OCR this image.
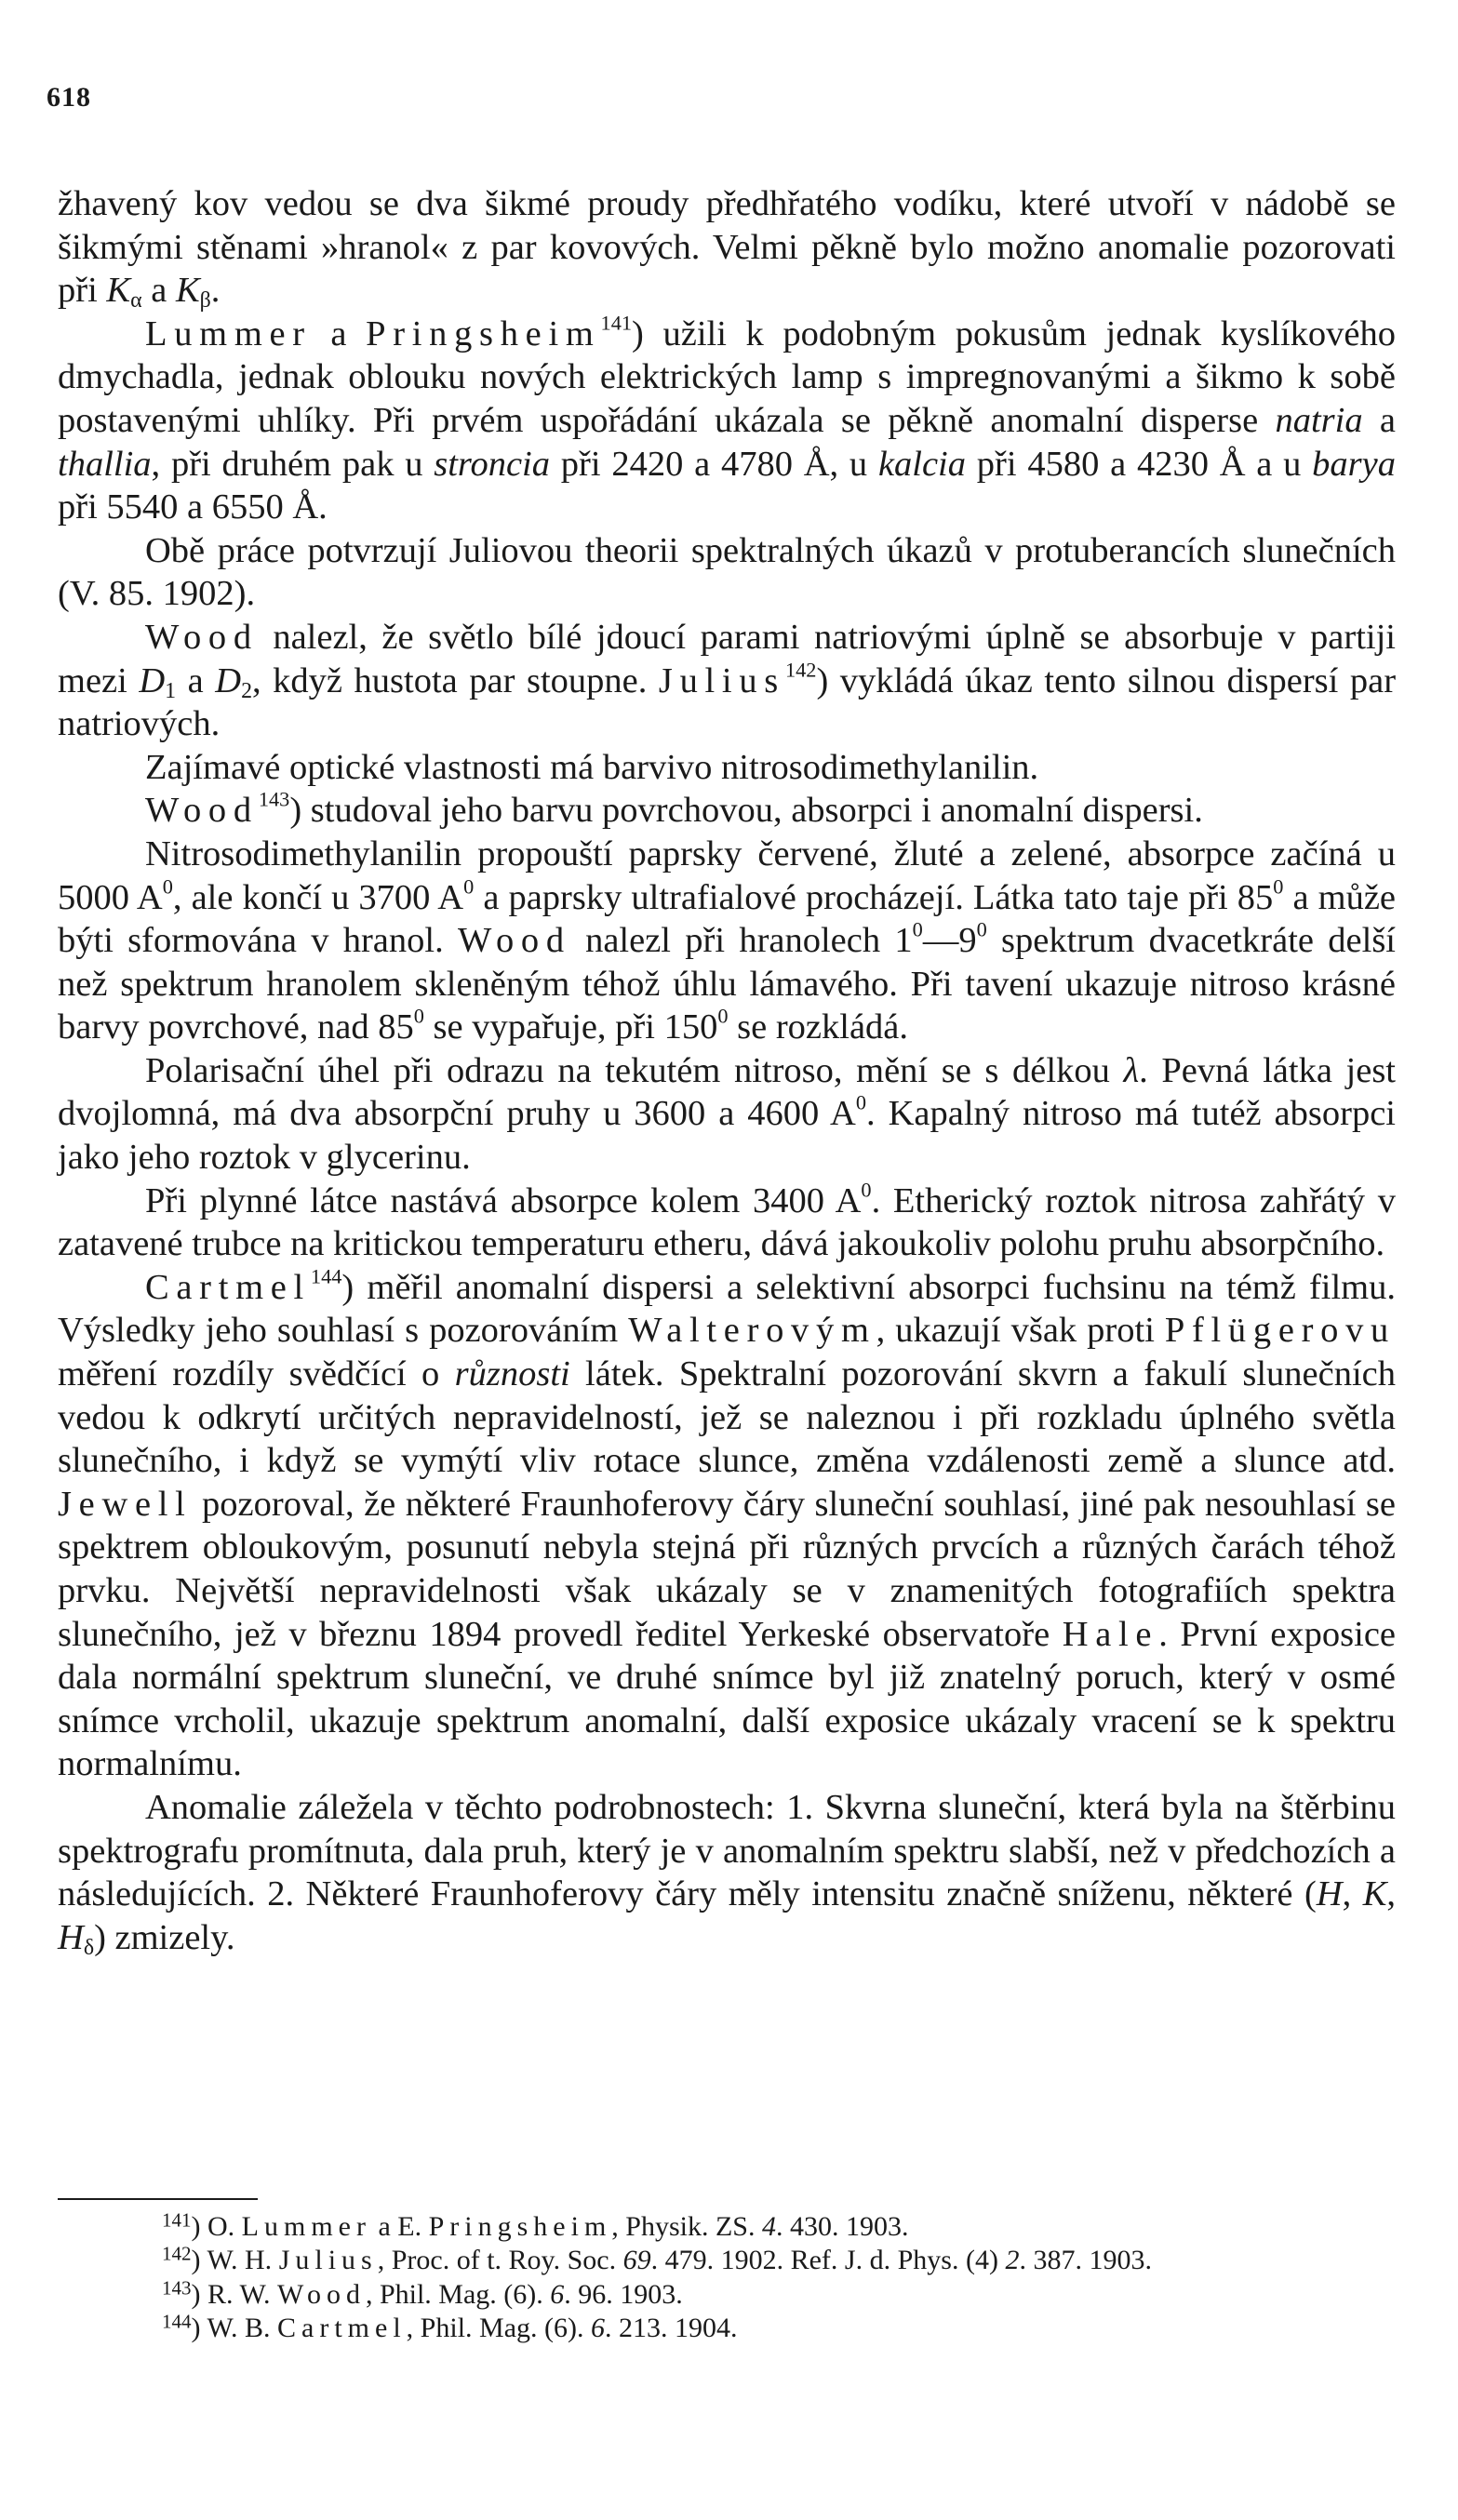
618

žhavený kov vedou se dva šikmé proudy předhřatého vodíku, které utvoří v nádobě se šikmými stěnami »hranol« z par kovových. Velmi pěkně bylo možno anomalie pozorovati při $K_\alpha$ a $K_\beta$.

Lummer a Pringsheim$^{141}$) užili k podobným pokusům jednak kyslíkového dmychadla, jednak oblouku nových elektrických lamp s impregnovanými a šikmo k sobě postavenými uhlíky. Při prvém uspořádání ukázala se pěkně anomalní disperse natria a thallia, při druhém pak u stroncia při 2420 a 4780 Å, u kalcia při 4580 a 4230 Å a u barya při 5540 a 6550 Å.

Obě práce potvrzují Juliovou theorii spektralných úkazů v protuberancích slunečních (V. 85. 1902).

Wood nalezl, že světlo bílé jdoucí parami natriovými úplně se absorbuje v partiji mezi $D_1$ a $D_2$, když hustota par stoupne. Julius$^{142}$) vykládá úkaz tento silnou dispersí par natriových.

Zajímavé optické vlastnosti má barvivo nitrosodimethylanilin.

Wood$^{143}$) studoval jeho barvu povrchovou, absorpci i anomalní dispersi.

Nitrosodimethylanilin propouští paprsky červené, žluté a zelené, absorpce začíná u 5000 $A^0$, ale končí u 3700 $A^0$ a paprsky ultrafialové procházejí. Látka tato taje při $85^0$ a může býti sformována v hranol. Wood nalezl při hranolech $1^0—9^0$ spektrum dvacetkráte delší než spektrum hranolem skleněným téhož úhlu lámavého. Při tavení ukazuje nitroso krásné barvy povrchové, nad $85^0$ se vypařuje, při $150^0$ se rozkládá.

Polarisační úhel při odrazu na tekutém nitroso, mění se s délkou λ. Pevná látka jest dvojlomná, má dva absorpční pruhy u 3600 a 4600 $A^0$. Kapalný nitroso má tutéž absorpci jako jeho roztok v glycerinu.

Při plynné látce nastává absorpce kolem 3400 $A^0$. Etherický roztok nitrosa zahřátý v zatavené trubce na kritickou temperaturu etheru, dává jakoukoliv polohu pruhu absorpčního.

Cartmel$^{144}$) měřil anomalní dispersi a selektivní absorpci fuchsinu na témž filmu. Výsledky jeho souhlasí s pozorováním Walterovým, ukazují však proti Pflügerovu měření rozdíly svědčící o různosti látek. Spektralní pozorování skvrn a fakulí slunečních vedou k odkrytí určitých nepravidelností, jež se naleznou i při rozkladu úplného světla slunečního, i když se vymýtí vliv rotace slunce, změna vzdálenosti země a slunce atd. Jewell pozoroval, že některé Fraunhoferovy čáry sluneční souhlasí, jiné pak nesouhlasí se spektrem obloukovým, posunutí nebyla stejná při různých prvcích a různých čarách téhož prvku. Největší nepravidelnosti však ukázaly se v znamenitých fotografiích spektra slunečního, jež v březnu 1894 provedl ředitel Yerkeské observatoře Hale. První exposice dala normální spektrum sluneční, ve druhé snímce byl již znatelný poruch, který v osmé snímce vrcholil, ukazuje spektrum anomalní, další exposice ukázaly vracení se k spektru normalnímu.

Anomalie záležela v těchto podrobnostech: 1. Skvrna sluneční, která byla na štěrbinu spektrografu promítnuta, dala pruh, který je v anomalním spektru slabší, než v předchozích a následujících. 2. Některé Fraunhoferovy čáry měly intensitu značně sníženu, některé (H, K, $H_\delta$) zmizely.

$^{141}$) O. Lummer a E. Pringsheim, Physik. ZS. 4. 430. 1903.

$^{142}$) W. H. Julius, Proc. of t. Roy. Soc. 69. 479. 1902. Ref. J. d. Phys. (4) 2. 387. 1903.

$^{143}$) R. W. Wood, Phil. Mag. (6). 6. 96. 1903.

$^{144}$) W. B. Cartmel, Phil. Mag. (6). 6. 213. 1904.
